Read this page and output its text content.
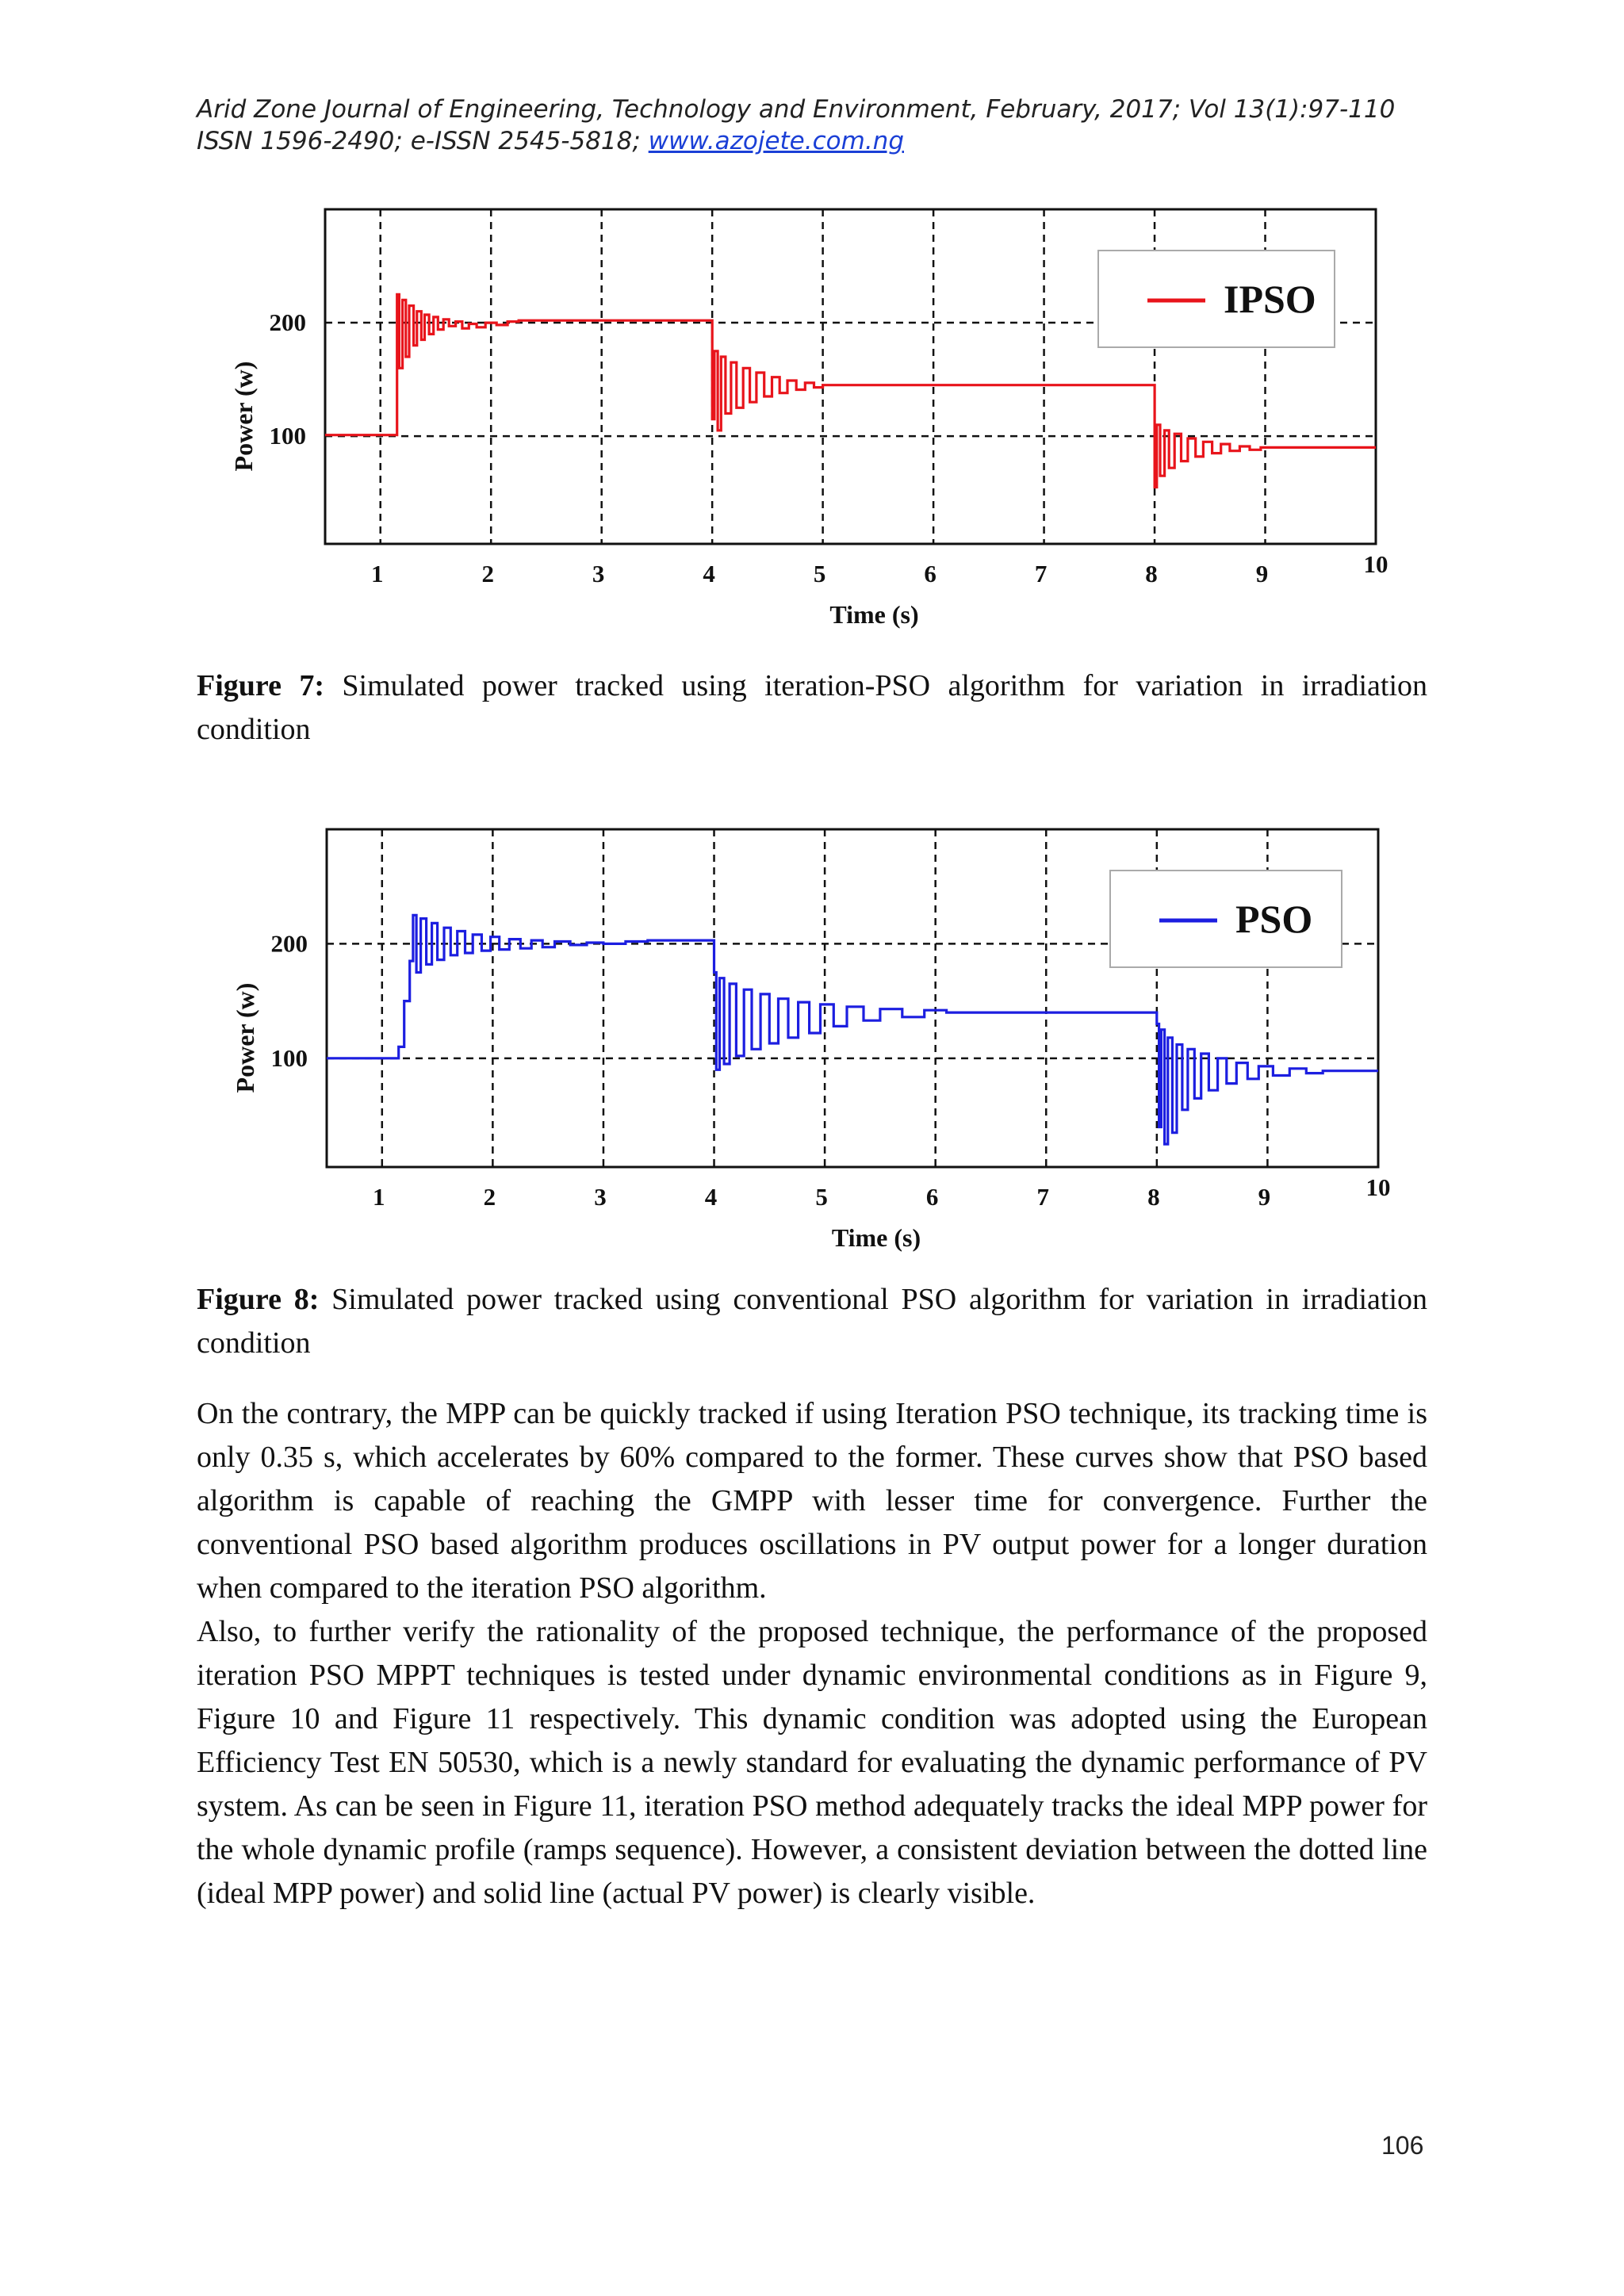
Arid Zone Journal of Engineering, Technology and Environment, February, 2017; Vol 13(1):97-110
ISSN 1596-2490; e-ISSN 2545-5818; www.azojete.com.ng
1	2	3	4	5	6	7	8	9	10
100
200
Time (s)
Power (w)
IPSO
Figure 7: Simulated power tracked using iteration-PSO algorithm for variation in irradiation condition
1	2	3	4	5	6	7	8	9	10
100
200
Time (s)
Power (w)
PSO
Figure 8: Simulated power tracked using conventional PSO algorithm for variation in irradiation condition

On the contrary, the MPP can be quickly tracked if using Iteration PSO technique, its tracking time is only 0.35 s, which accelerates by 60% compared to the former. These curves show that PSO based algorithm is capable of reaching the GMPP with lesser time for convergence. Further the conventional PSO based algorithm produces oscillations in PV output power for a longer duration when compared to the iteration PSO algorithm.

Also, to further verify the rationality of the proposed technique, the performance of the proposed iteration PSO MPPT techniques is tested under dynamic environmental conditions as in Figure 9, Figure 10 and Figure 11 respectively. This dynamic condition was adopted using the European Efficiency Test EN 50530, which is a newly standard for evaluating the dynamic performance of PV system. As can be seen in Figure 11, iteration PSO method adequately tracks the ideal MPP power for the whole dynamic profile (ramps sequence). However, a consistent deviation between the dotted line (ideal MPP power) and solid line (actual PV power) is clearly visible.

106
